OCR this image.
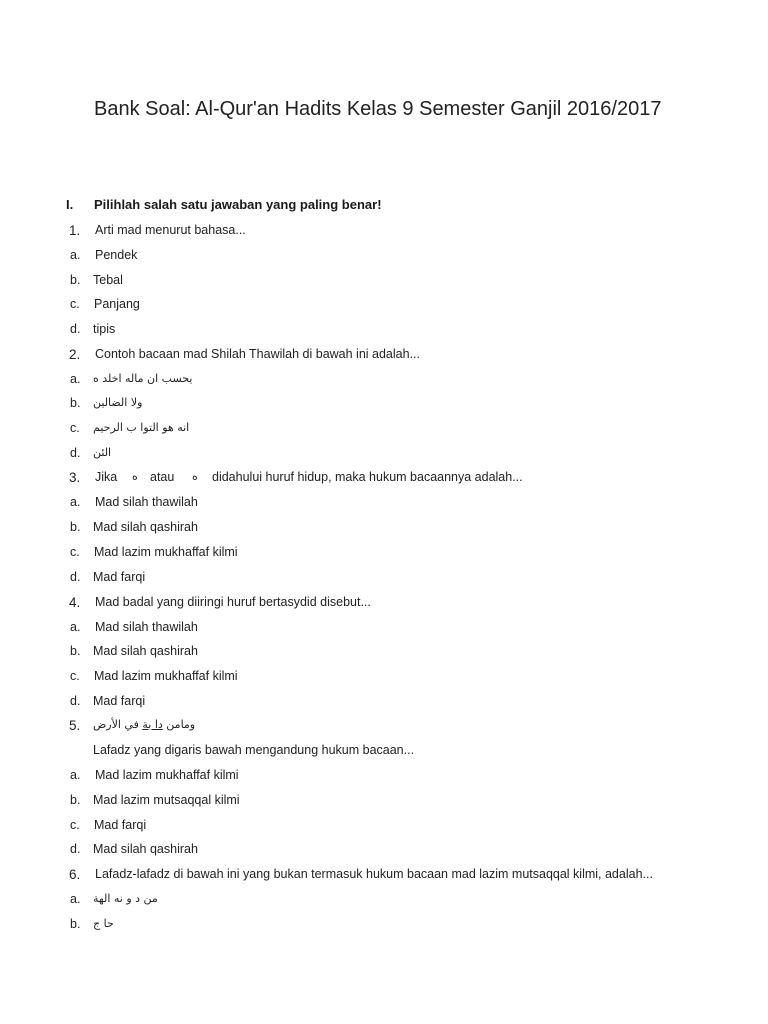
Bank Soal: Al-Qur'an Hadits Kelas 9 Semester Ganjil 2016/2017
I. Pilihlah salah satu jawaban yang paling benar!
1. Arti mad menurut bahasa...
a. Pendek
b. Tebal
c. Panjang
d. tipis
2. Contoh bacaan mad Shilah Thawilah di bawah ini adalah...
a. يحسب ان ماله اخلد ه
b. ولا الضالين
c. انه هو التوا ب الرحيم
d. الئن
3. Jika ه atau ه didahului huruf hidup, maka hukum bacaannya adalah...
a. Mad silah thawilah
b. Mad silah qashirah
c. Mad lazim mukhaffaf kilmi
d. Mad farqi
4. Mad badal yang diiringi huruf bertasydid disebut...
a. Mad silah thawilah
b. Mad silah qashirah
c. Mad lazim mukhaffaf kilmi
d. Mad farqi
5.	ومامن دا بة في الأرض
Lafadz yang digaris bawah mengandung hukum bacaan...
a. Mad lazim mukhaffaf kilmi
b. Mad lazim mutsaqqal kilmi
c. Mad farqi
d. Mad silah qashirah
6. Lafadz-lafadz di bawah ini yang bukan termasuk hukum bacaan mad lazim mutsaqqal kilmi, adalah...
a. من د و نه الهة
b. حا ج
